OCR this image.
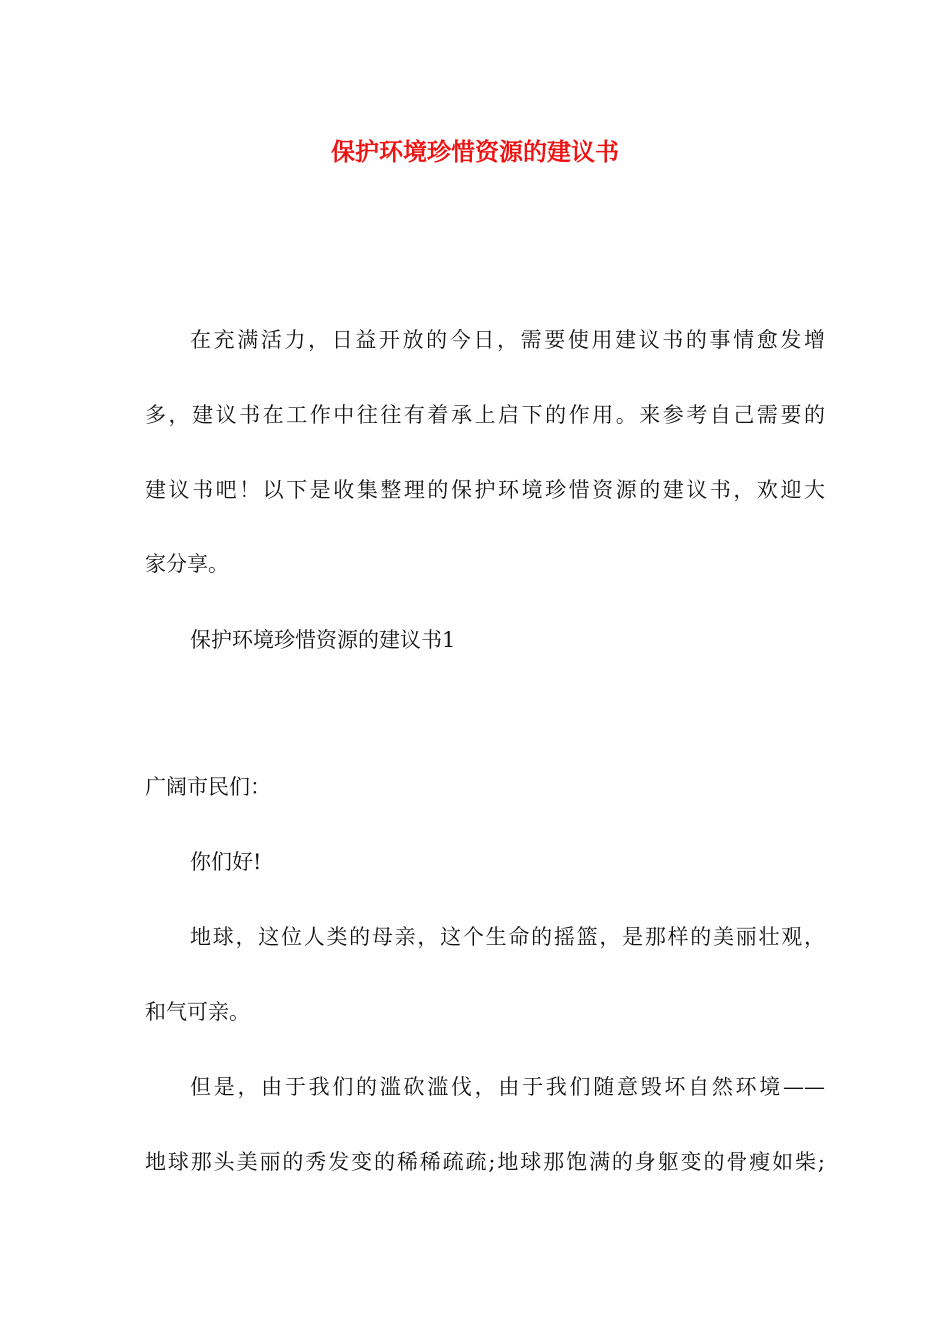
保护环境珍惜资源的建议书

在充满活力，日益开放的今日，需要使用建议书的事情愈发增

多，建议书在工作中往往有着承上启下的作用。来参考自己需要的

建议书吧！以下是收集整理的保护环境珍惜资源的建议书，欢迎大

家分享。

保护环境珍惜资源的建议书1

广阔市民们：

你们好!

地球，这位人类的母亲，这个生命的摇篮，是那样的美丽壮观，

和气可亲。

但是，由于我们的滥砍滥伐，由于我们随意毁坏自然环境——

地球那头美丽的秀发变的稀稀疏疏;地球那饱满的身躯变的骨瘦如柴;
